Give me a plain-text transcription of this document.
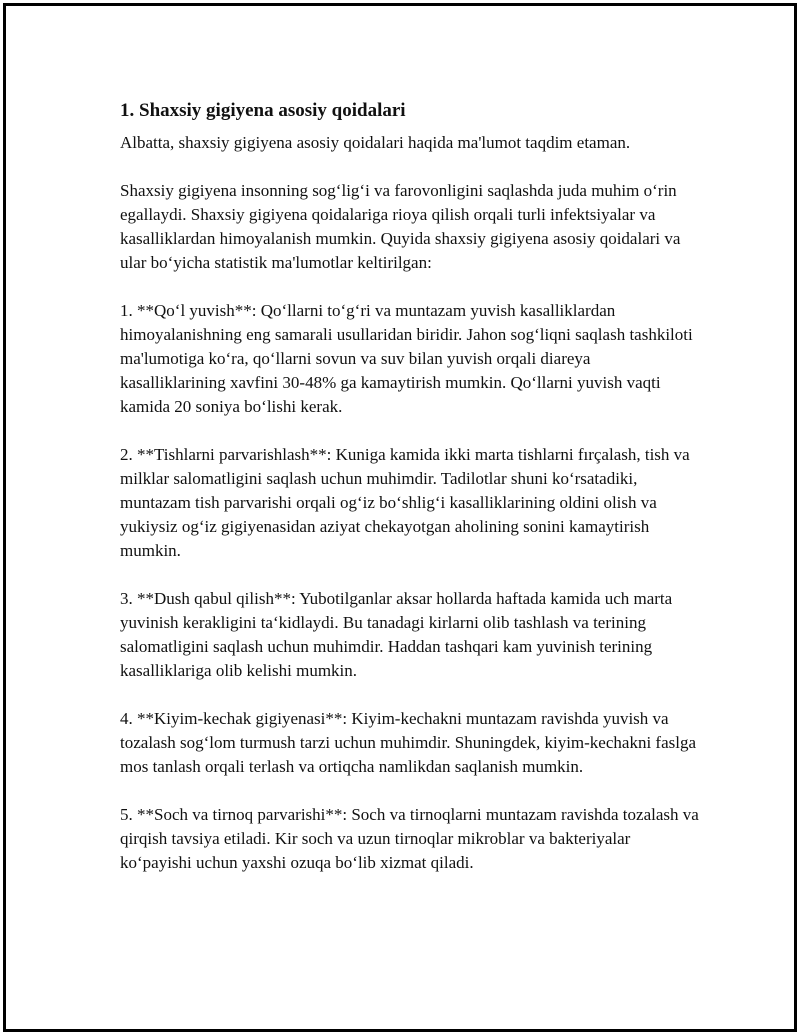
1. Shaxsiy gigiyena asosiy qoidalari

Albatta, shaxsiy gigiyena asosiy qoidalari haqida ma'lumot taqdim etaman.

Shaxsiy gigiyena insonning sog‘lig‘i va farovonligini saqlashda juda muhim o‘rin egallaydi. Shaxsiy gigiyena qoidalariga rioya qilish orqali turli infektsiyalar va kasalliklardan himoyalanish mumkin. Quyida shaxsiy gigiyena asosiy qoidalari va ular bo‘yicha statistik ma'lumotlar keltirilgan:

1. **Qo‘l yuvish**: Qo‘llarni to‘g‘ri va muntazam yuvish kasalliklardan himoyalanishning eng samarali usullaridan biridir. Jahon sog‘liqni saqlash tashkiloti ma'lumotiga ko‘ra, qo‘llarni sovun va suv bilan yuvish orqali diareya kasalliklarining xavfini 30-48% ga kamaytirish mumkin. Qo‘llarni yuvish vaqti kamida 20 soniya bo‘lishi kerak.

2. **Tishlarni parvarishlash**: Kuniga kamida ikki marta tishlarni fırçalash, tish va milklar salomatligini saqlash uchun muhimdir. Tadilotlar shuni ko‘rsatadiki, muntazam tish parvarishi orqali og‘iz bo‘shlig‘i kasalliklarining oldini olish va yukiysiz og‘iz gigiyenasidan aziyat chekayotgan aholining sonini kamaytirish mumkin.

3. **Dush qabul qilish**: Yubotilganlar aksar hollarda haftada kamida uch marta yuvinish kerakligini ta‘kidlaydi. Bu tanadagi kirlarni olib tashlash va terining salomatligini saqlash uchun muhimdir. Haddan tashqari kam yuvinish terining kasalliklariga olib kelishi mumkin.

4. **Kiyim-kechak gigiyenasi**: Kiyim-kechakni muntazam ravishda yuvish va tozalash sog‘lom turmush tarzi uchun muhimdir. Shuningdek, kiyim-kechakni faslga mos tanlash orqali terlash va ortiqcha namlikdan saqlanish mumkin.

5. **Soch va tirnoq parvarishi**: Soch va tirnoqlarni muntazam ravishda tozalash va qirqish tavsiya etiladi. Kir soch va uzun tirnoqlar mikroblar va bakteriyalar ko‘payishi uchun yaxshi ozuqa bo‘lib xizmat qiladi.
